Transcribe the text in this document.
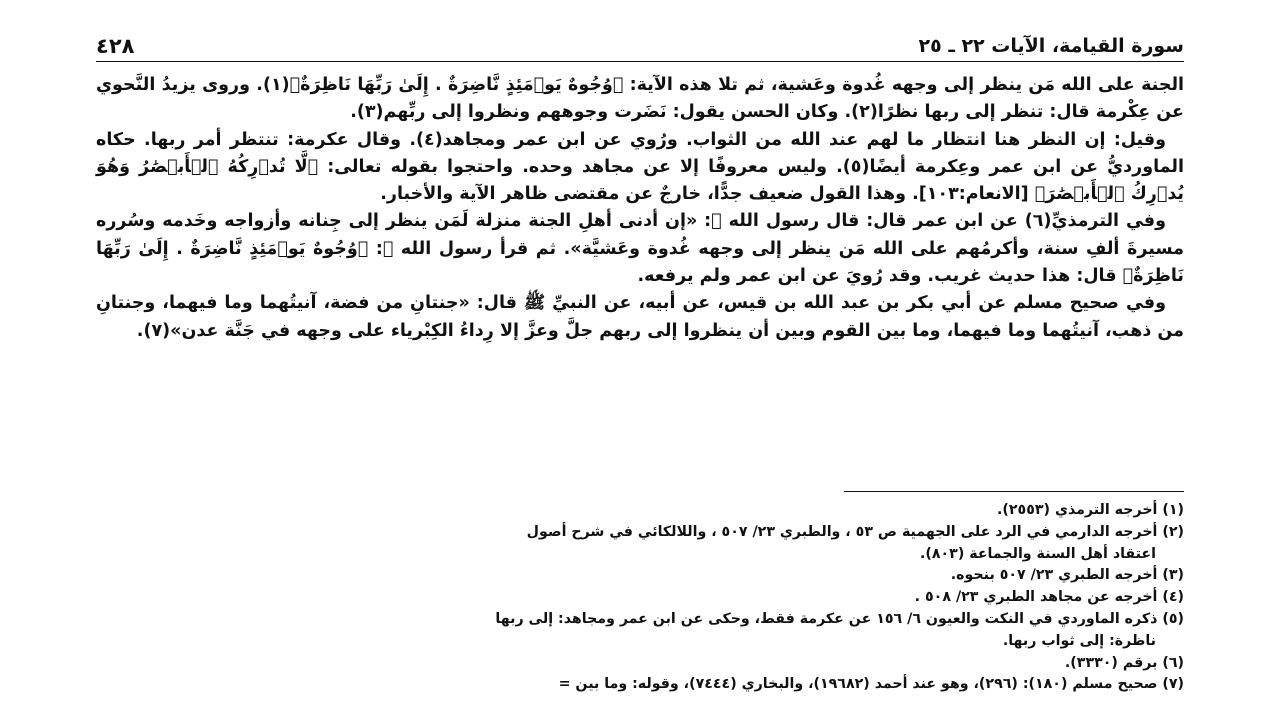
سورة القيامة، الآيات ٢٢ ـ ٢٥
٤٢٨

الجنة على الله مَن ينظر إلى وجهه غُدوة وعَشية، ثم تلا هذه الآية: ﴿وُجُوهٌ يَوۡمَئِذٍ نَّاضِرَةٌ . إِلَىٰ رَبِّهَا نَاظِرَةٌ﴾(١). وروى يزيدُ النَّحوي عن عِكْرمة قال: تنظر إلى ربها نظرًا(٢). وكان الحسن يقول: نَضَرت وجوههم ونظروا إلى ربِّهم(٣).

وقيل: إن النظر هنا انتظار ما لهم عند الله من الثواب. ورُوي عن ابن عمر ومجاهد(٤). وقال عكرمة: تنتظر أمر ربها. حكاه الماورديُّ عن ابن عمر وعِكرمة أيضًا(٥). وليس معروفًا إلا عن مجاهد وحده. واحتجوا بقوله تعالى: ﴿لَّا تُدۡرِكُهُ ٱلۡأَبۡصَٰرُ وَهُوَ يُدۡرِكُ ٱلۡأَبۡصَٰرَ﴾ [الانعام:١٠٣]. وهذا القول ضعيف جدًّا، خارجٌ عن مقتضى ظاهر الآية والأخبار.

وفي الترمذيِّ(٦) عن ابن عمر قال: قال رسول الله ﷺ: «إن أدنى أهلِ الجنة منزلة لَمَن ينظر إلى جِنانه وأزواجه وخَدمه وسُرره مسيرةَ ألفِ سنة، وأكرمُهم على الله مَن ينظر إلى وجهه غُدوة وعَشيَّة». ثم قرأ رسول الله ﷺ: ﴿وُجُوهٌ يَوۡمَئِذٍ نَّاضِرَةٌ . إِلَىٰ رَبِّهَا نَاظِرَةٌ﴾ قال: هذا حديث غريب. وقد رُويَ عن ابن عمر ولم يرفعه.

وفي صحيح مسلم عن أبي بكر بن عبد الله بن قيس، عن أبيه، عن النبيِّ ﷺ قال: «جنتانِ من فضة، آنيتُهما وما فيهما، وجنتانِ من ذهب، آنيتُهما وما فيهما، وما بين القوم وبين أن ينظروا إلى ربهم جلَّ وعزَّ إلا رِداءُ الكِبْرياء على وجهه في جَنَّة عدن»(٧).

(١) أخرجه الترمذي (٢٥٥٣).

(٢) أخرجه الدارمي في الرد على الجهمية ص ٥٣ ، والطبري ٢٣/ ٥٠٧ ، واللالكائي في شرح أصول

اعتقاد أهل السنة والجماعة (٨٠٣).

(٣) أخرجه الطبري ٢٣/ ٥٠٧ بنحوه.

(٤) أخرجه عن مجاهد الطبري ٢٣/ ٥٠٨ .

(٥) ذكره الماوردي في النكت والعيون ٦/ ١٥٦ عن عكرمة فقط، وحكى عن ابن عمر ومجاهد: إلى ربها

ناظرة: إلى ثواب ربها.

(٦) برقم (٣٣٣٠).

(٧) صحيح مسلم (١٨٠): (٢٩٦)، وهو عند أحمد (١٩٦٨٢)، والبخاري (٧٤٤٤)، وقوله: وما بين =
